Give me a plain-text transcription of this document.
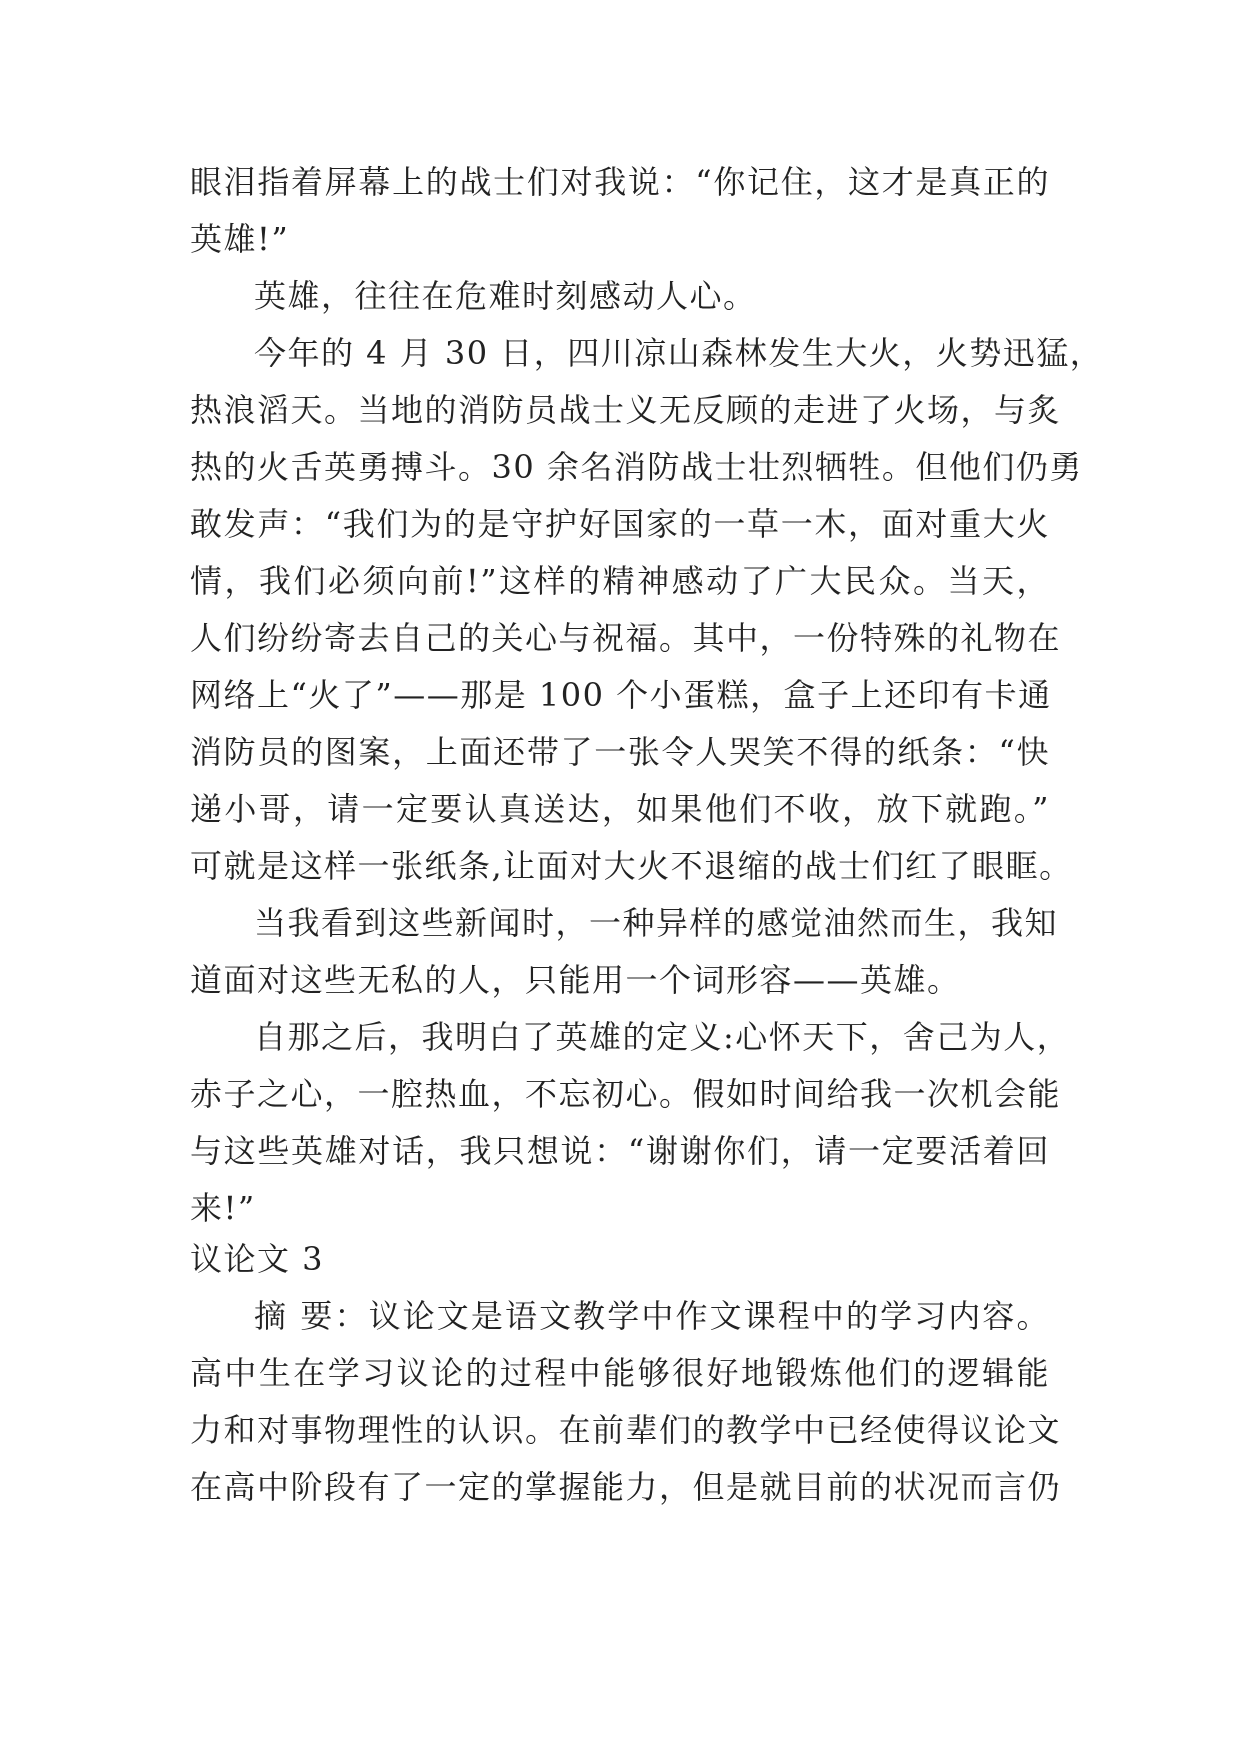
眼泪指着屏幕上的战士们对我说：“你记住，这才是真正的
英雄!”
英雄，往往在危难时刻感动人心。
今年的 4 月 30 日，四川凉山森林发生大火，火势迅猛，
热浪滔天。当地的消防员战士义无反顾的走进了火场，与炙
热的火舌英勇搏斗。30 余名消防战士壮烈牺牲。但他们仍勇
敢发声：“我们为的是守护好国家的一草一木，面对重大火
情，我们必须向前!”这样的精神感动了广大民众。当天，
人们纷纷寄去自己的关心与祝福。其中，一份特殊的礼物在
网络上“火了”——那是 100 个小蛋糕，盒子上还印有卡通
消防员的图案，上面还带了一张令人哭笑不得的纸条：“快
递小哥，请一定要认真送达，如果他们不收，放下就跑。”
可就是这样一张纸条,让面对大火不退缩的战士们红了眼眶。
当我看到这些新闻时，一种异样的感觉油然而生，我知
道面对这些无私的人，只能用一个词形容——英雄。
自那之后，我明白了英雄的定义:心怀天下，舍己为人，
赤子之心，一腔热血，不忘初心。假如时间给我一次机会能
与这些英雄对话，我只想说：“谢谢你们，请一定要活着回
来!”
议论文 3
摘 要：议论文是语文教学中作文课程中的学习内容。
高中生在学习议论的过程中能够很好地锻炼他们的逻辑能
力和对事物理性的认识。在前辈们的教学中已经使得议论文
在高中阶段有了一定的掌握能力，但是就目前的状况而言仍
